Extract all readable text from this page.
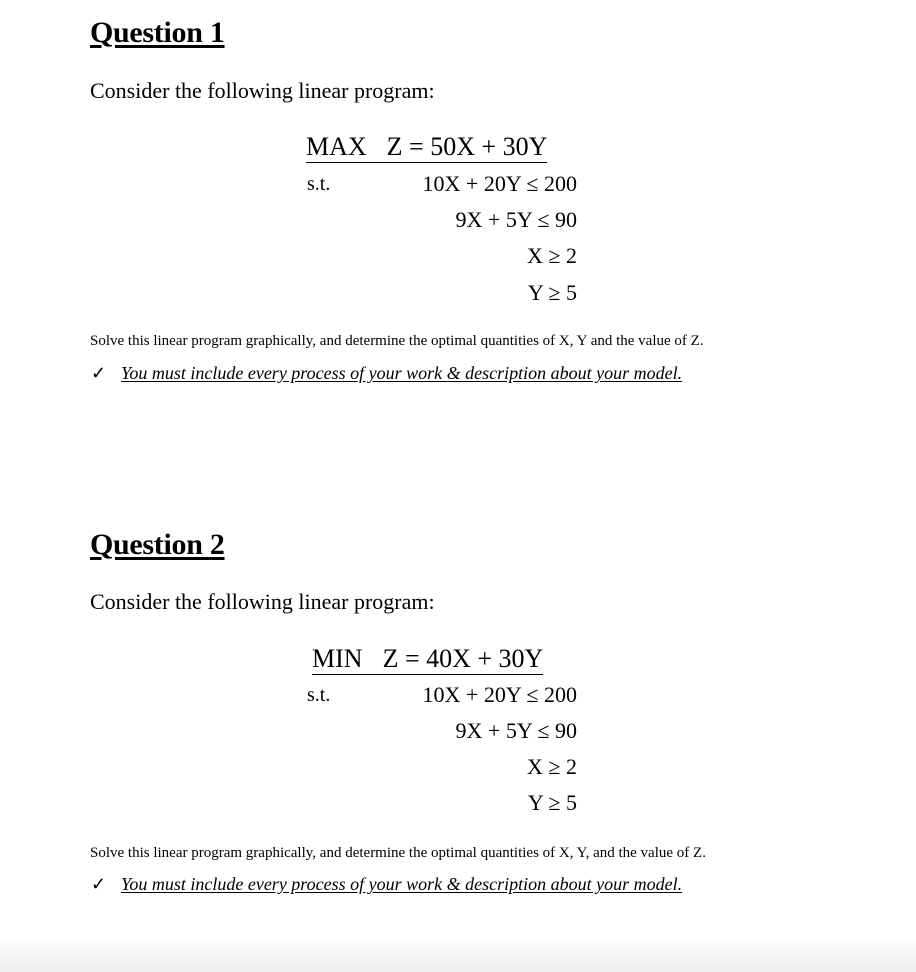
Question 1
Consider the following linear program:
MAX Z = 50X + 30Y
s.t.	10X + 20Y ≤ 200
9X + 5Y ≤ 90
X ≥ 2
Y ≥ 5
Solve this linear program graphically, and determine the optimal quantities of X, Y and the value of Z.
✓ You must include every process of your work & description about your model.
Question 2
Consider the following linear program:
MIN Z = 40X + 30Y
s.t.	10X + 20Y ≤ 200
9X + 5Y ≤ 90
X ≥ 2
Y ≥ 5
Solve this linear program graphically, and determine the optimal quantities of X, Y, and the value of Z.
✓ You must include every process of your work & description about your model.
